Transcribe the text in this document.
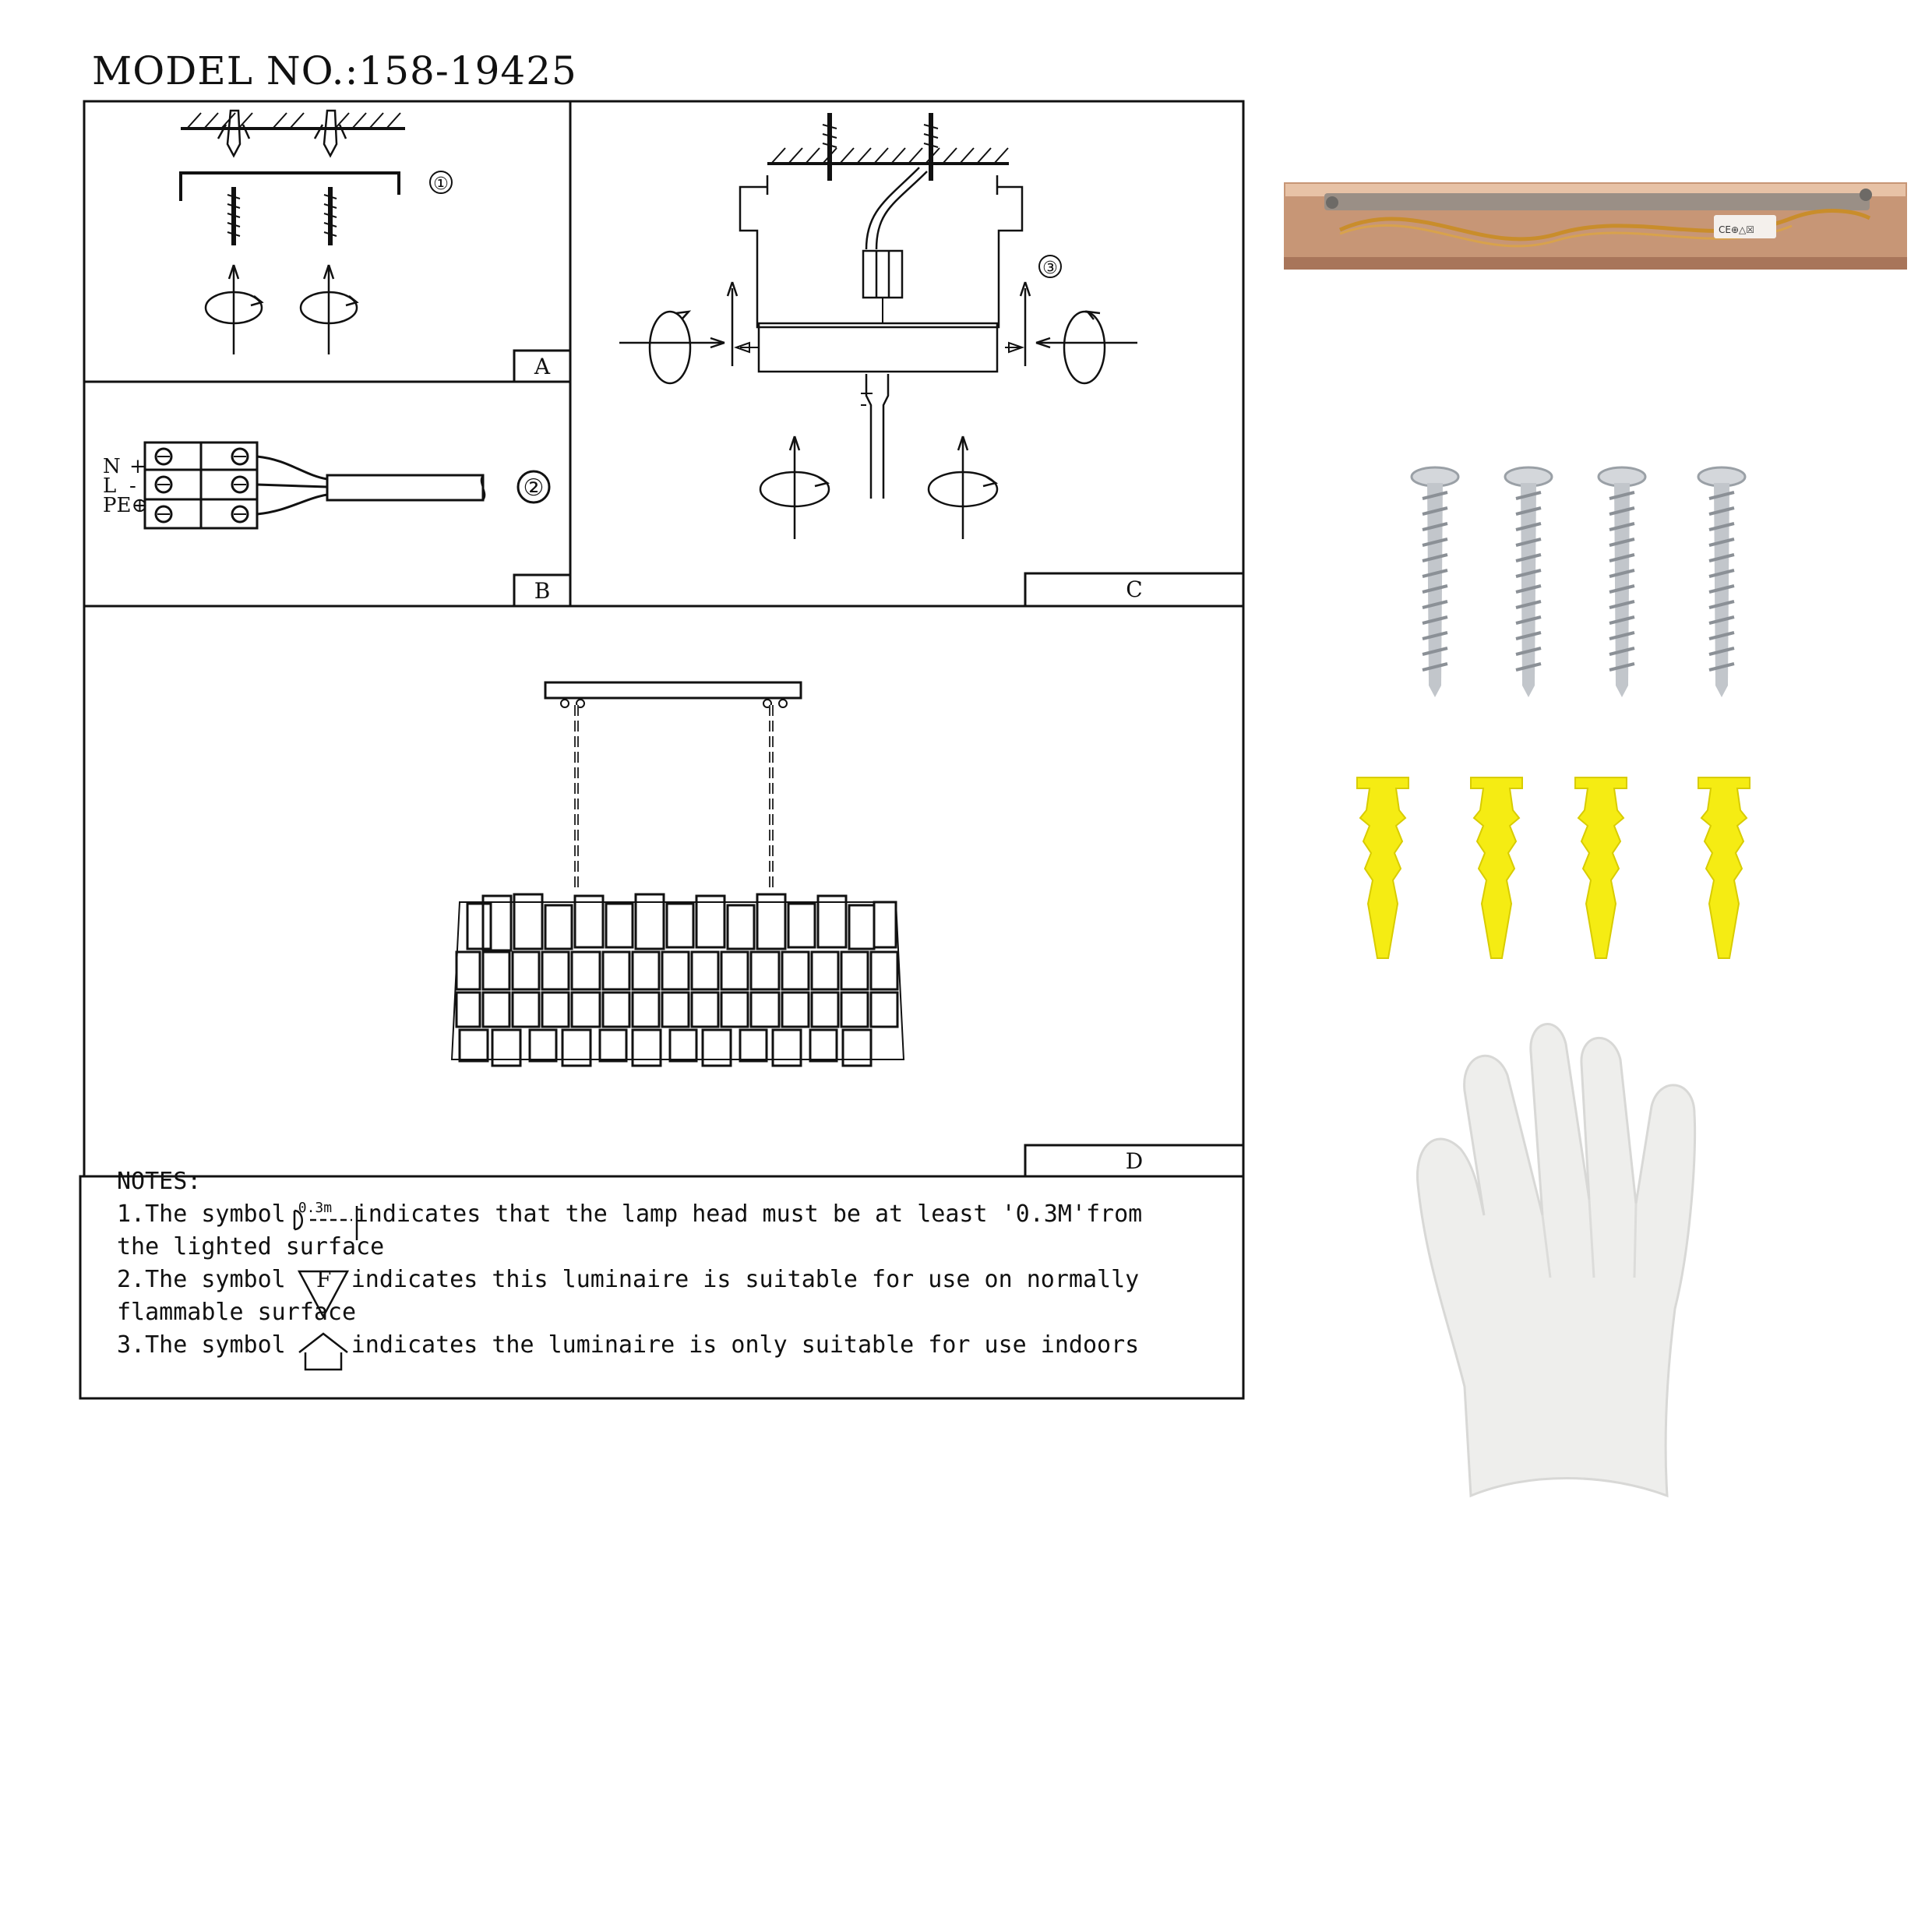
MODEL NO.:158-19425
①
②
N +
L -
PE⊕
③
A
B	C
D
NOTES:
1.The symbol 0.3m indicates that the lamp head must be at least '0.3M'from
the lighted surface
2.The symbol	F indicates this luminaire is suitable for use on normally
flammable surface
3.The symbol	indicates the luminaire is only suitable for use indoors
CE⊕△☒
